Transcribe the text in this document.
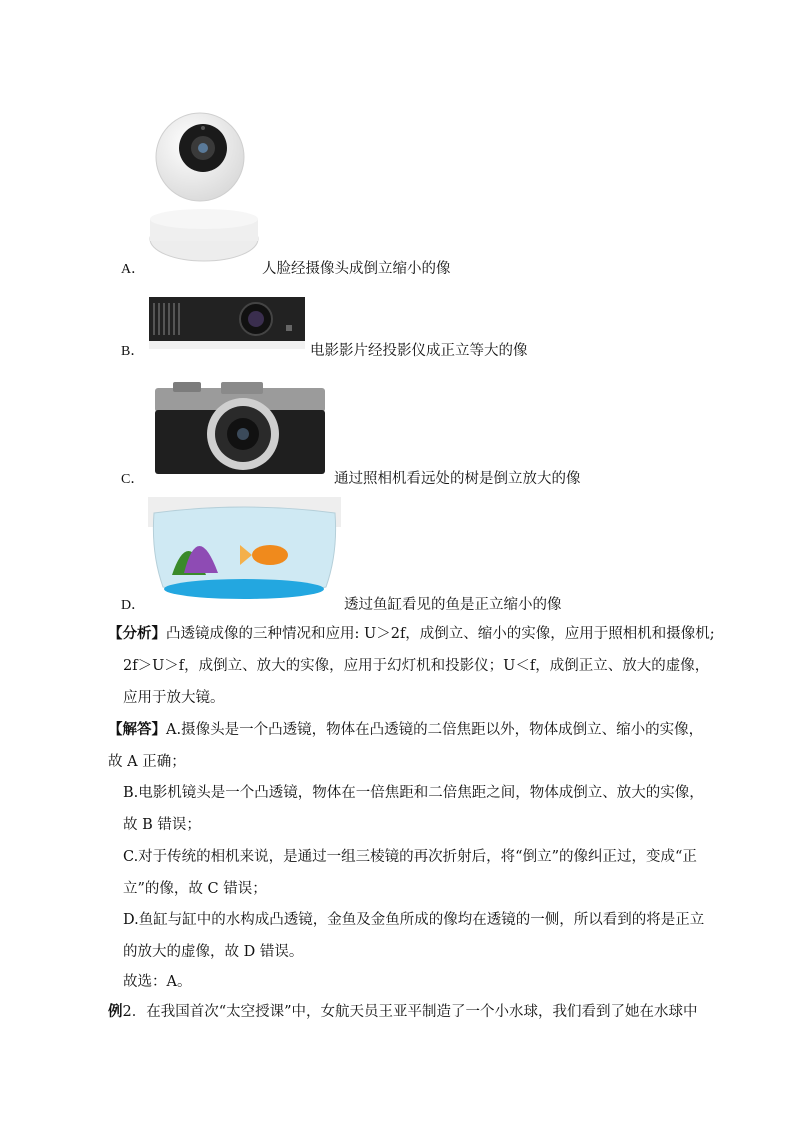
A．	人脸经摄像头成倒立缩小的像
B．	电影影片经投影仪成正立等大的像
C．	通过照相机看远处的树是倒立放大的像
D．	透过鱼缸看见的鱼是正立缩小的像
【分析】凸透镜成像的三种情况和应用: U＞2f，成倒立、缩小的实像，应用于照相机和摄像机;
2f＞U＞f，成倒立、放大的实像，应用于幻灯机和投影仪；U＜f，成倒正立、放大的虚像，
应用于放大镜。
【解答】A.摄像头是一个凸透镜，物体在凸透镜的二倍焦距以外，物体成倒立、缩小的实像，
故 A 正确；
B.电影机镜头是一个凸透镜，物体在一倍焦距和二倍焦距之间，物体成倒立、放大的实像，
故 B 错误；
C.对于传统的相机来说，是通过一组三棱镜的再次折射后，将“倒立”的像纠正过，变成“正
立”的像，故 C 错误；
D.鱼缸与缸中的水构成凸透镜，金鱼及金鱼所成的像均在透镜的一侧，所以看到的将是正立
的放大的虚像，故 D 错误。
故选：A。
例2．在我国首次“太空授课”中，女航天员王亚平制造了一个小水球，我们看到了她在水球中
